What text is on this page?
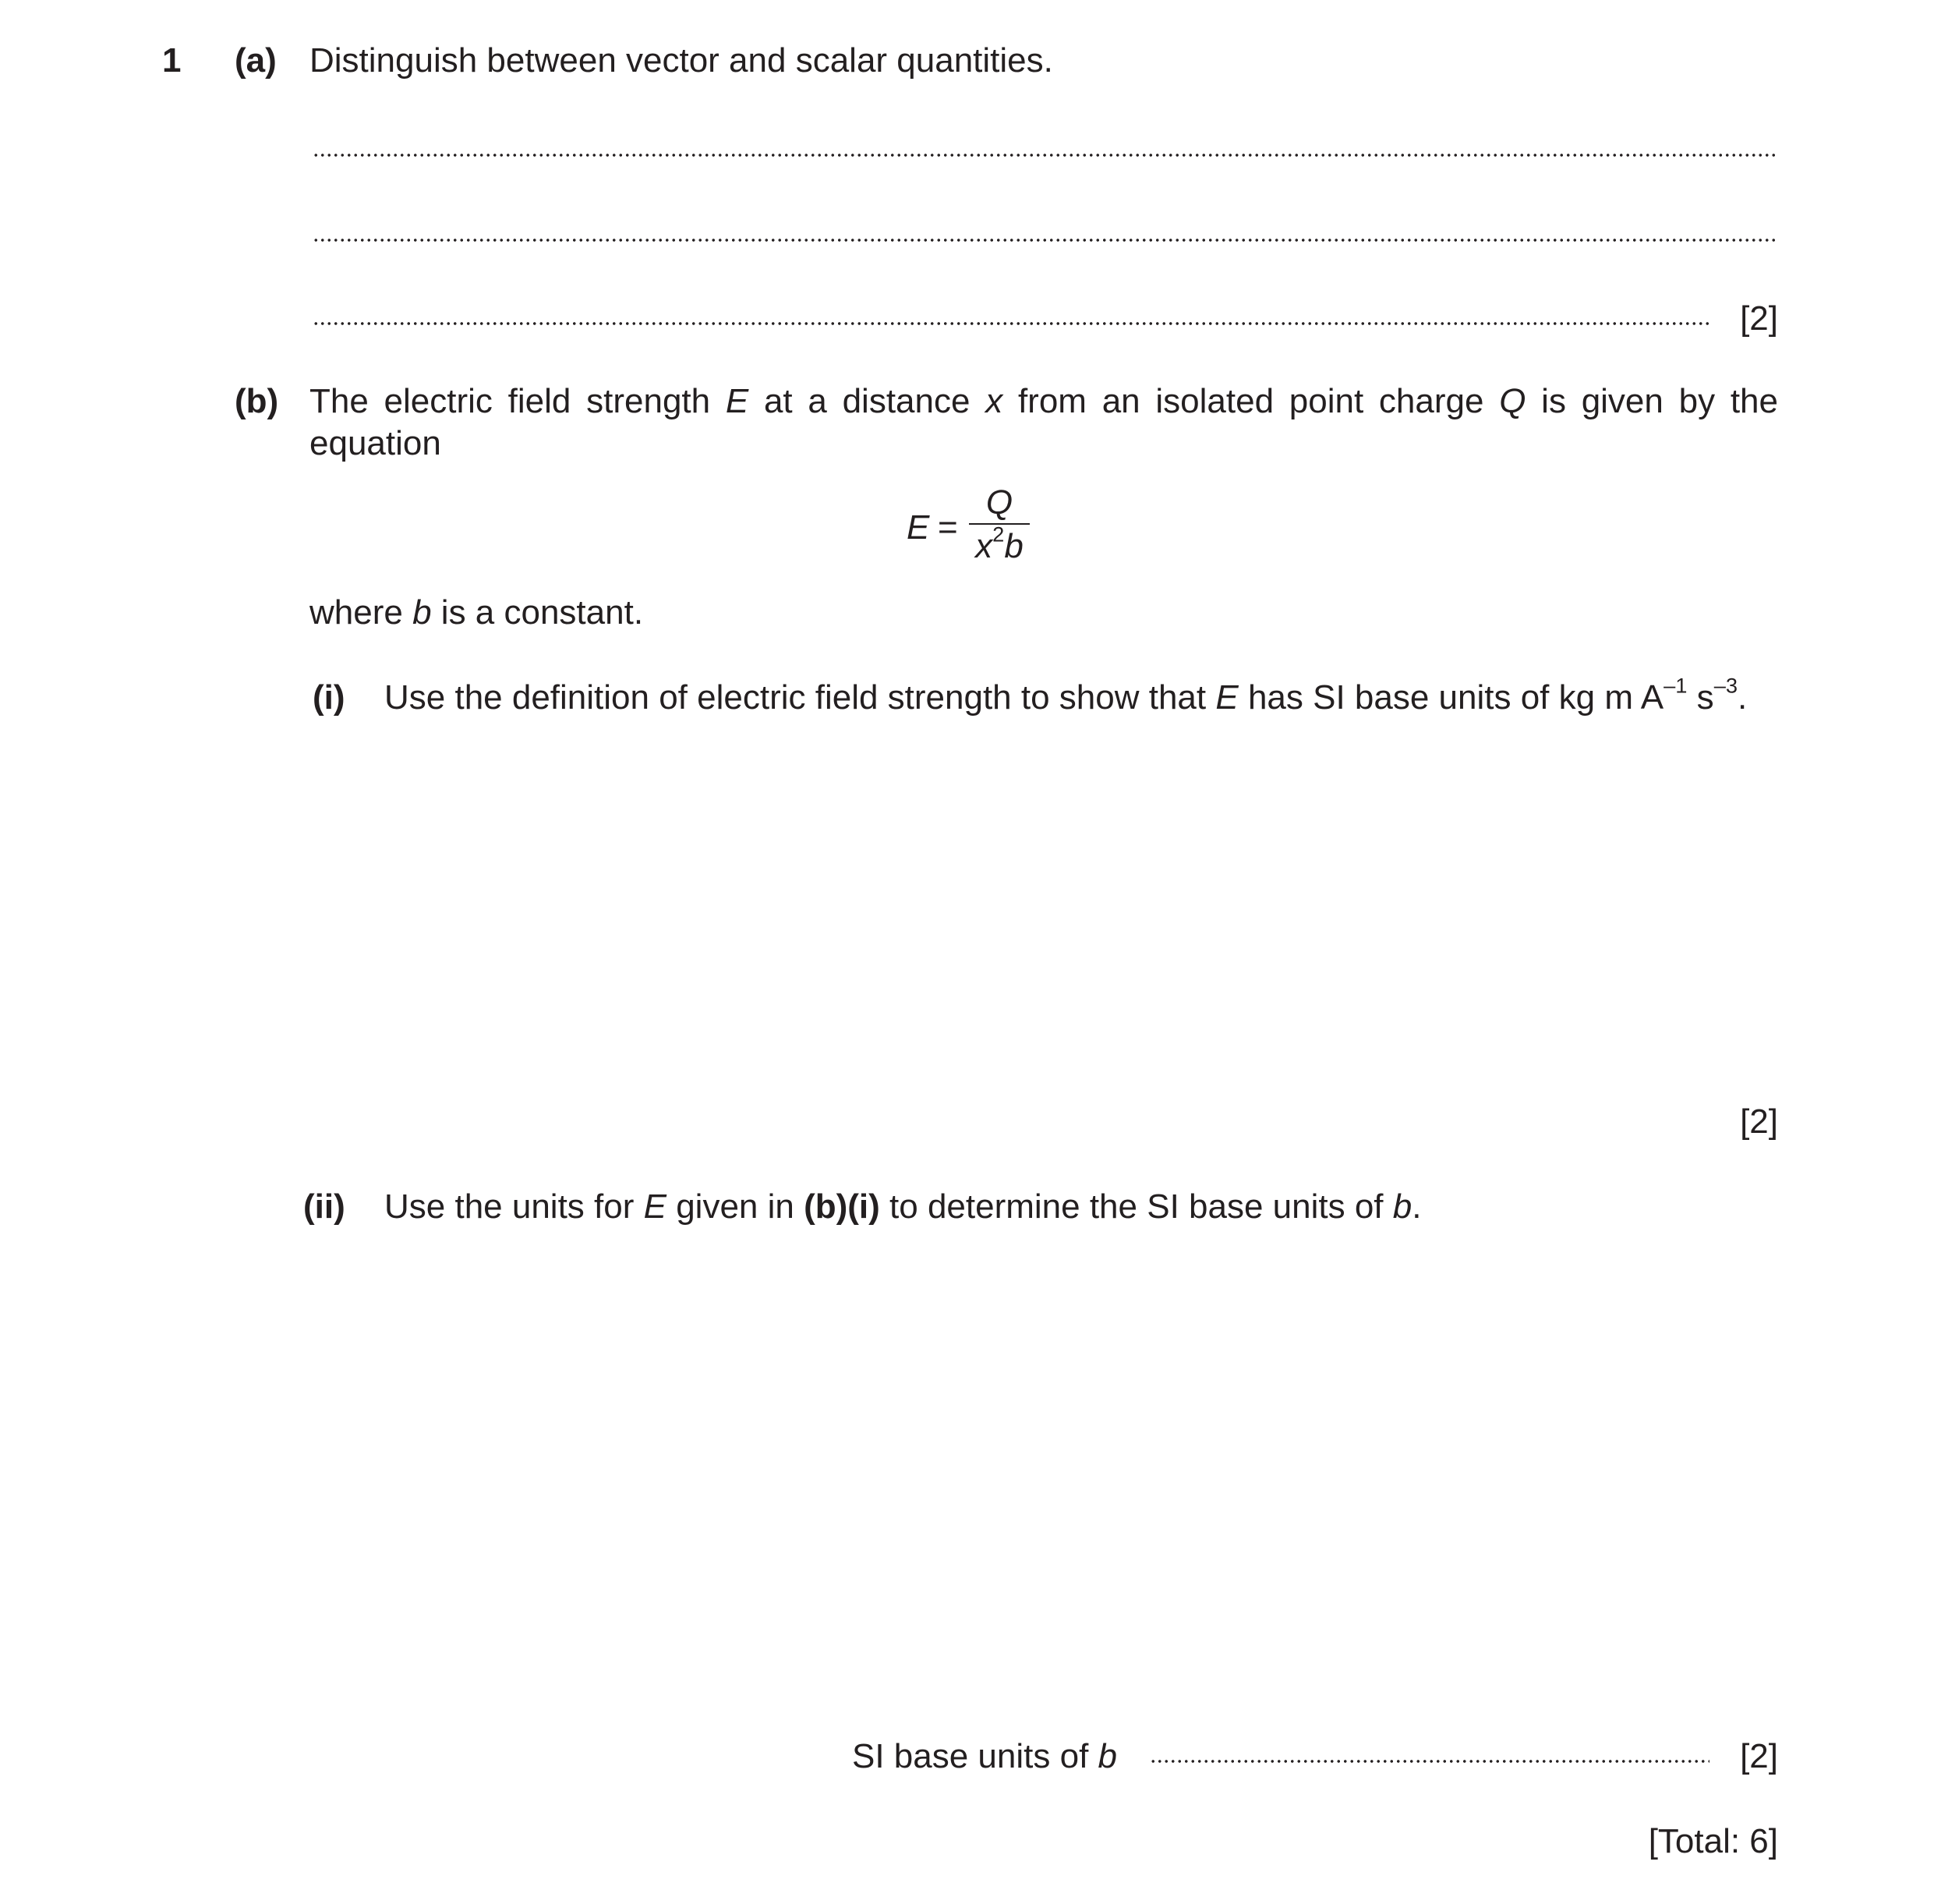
1 (a) Distinguish between vector and scalar quantities.
[2]
(b) The electric field strength E at a distance x from an isolated point charge Q is given by the
equation
E =
Q
$x^2b$
where b is a constant.
(i) Use the definition of electric field strength to show that E has SI base units of kg m $A^{-1}$ $s^{-3}$.
[2]
(ii) Use the units for E given in (b)(i) to determine the SI base units of b.
SI base units of b	[2]
[Total: 6]
